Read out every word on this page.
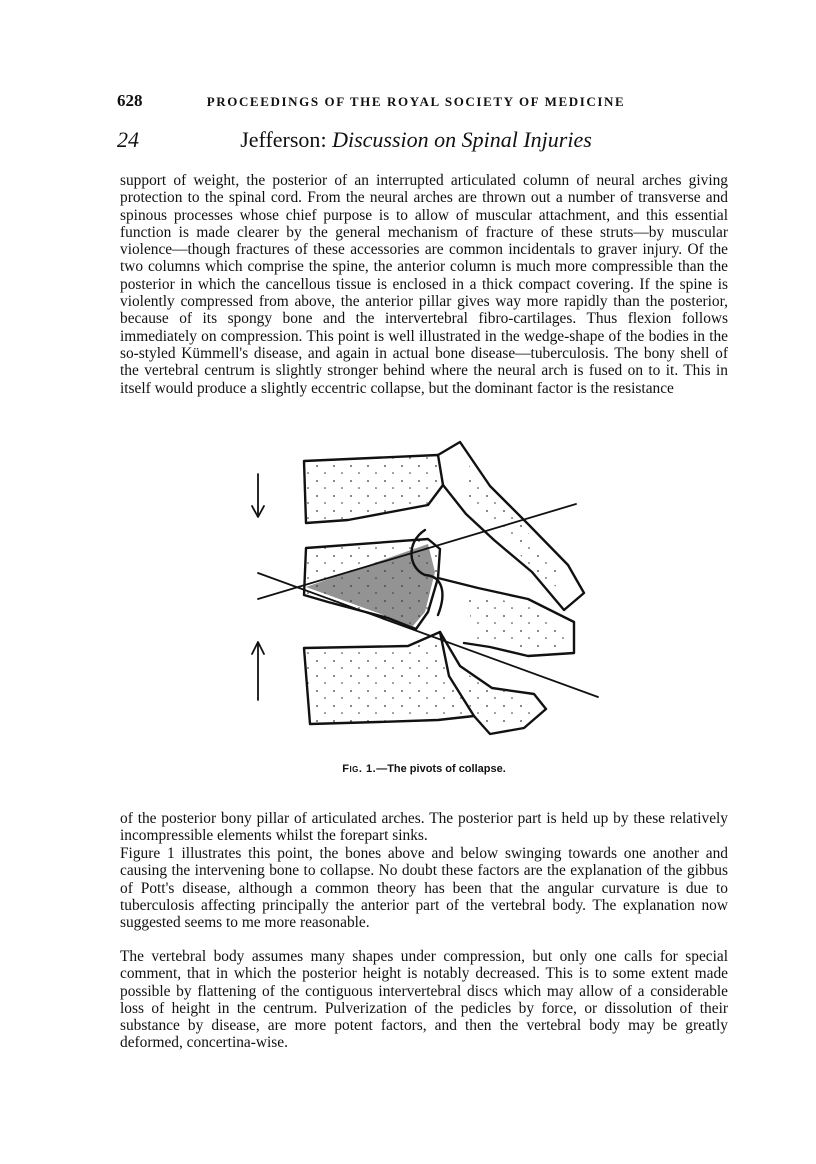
628	PROCEEDINGS OF THE ROYAL SOCIETY OF MEDICINE
24	Jefferson: Discussion on Spinal Injuries

support of weight, the posterior of an interrupted articulated column of neural arches giving protection to the spinal cord. From the neural arches are thrown out a number of transverse and spinous processes whose chief purpose is to allow of muscular attachment, and this essential function is made clearer by the general mechanism of fracture of these struts—by muscular violence—though fractures of these accessories are common incidentals to graver injury. Of the two columns which comprise the spine, the anterior column is much more compressible than the posterior in which the cancellous tissue is enclosed in a thick compact covering. If the spine is violently compressed from above, the anterior pillar gives way more rapidly than the posterior, because of its spongy bone and the intervertebral fibro-cartilages. Thus flexion follows immediately on compression. This point is well illustrated in the wedge-shape of the bodies in the so-styled Kümmell's disease, and again in actual bone disease—tuberculosis. The bony shell of the vertebral centrum is slightly stronger behind where the neural arch is fused on to it. This in itself would produce a slightly eccentric collapse, but the dominant factor is the resistance

Fig. 1.—The pivots of collapse.

of the posterior bony pillar of articulated arches. The posterior part is held up by these relatively incompressible elements whilst the forepart sinks.

Figure 1 illustrates this point, the bones above and below swinging towards one another and causing the intervening bone to collapse. No doubt these factors are the explanation of the gibbus of Pott's disease, although a common theory has been that the angular curvature is due to tuberculosis affecting principally the anterior part of the vertebral body. The explanation now suggested seems to me more reasonable.

The vertebral body assumes many shapes under compression, but only one calls for special comment, that in which the posterior height is notably decreased. This is to some extent made possible by flattening of the contiguous intervertebral discs which may allow of a considerable loss of height in the centrum. Pulverization of the pedicles by force, or dissolution of their substance by disease, are more potent factors, and then the vertebral body may be greatly deformed, concertina-wise.
